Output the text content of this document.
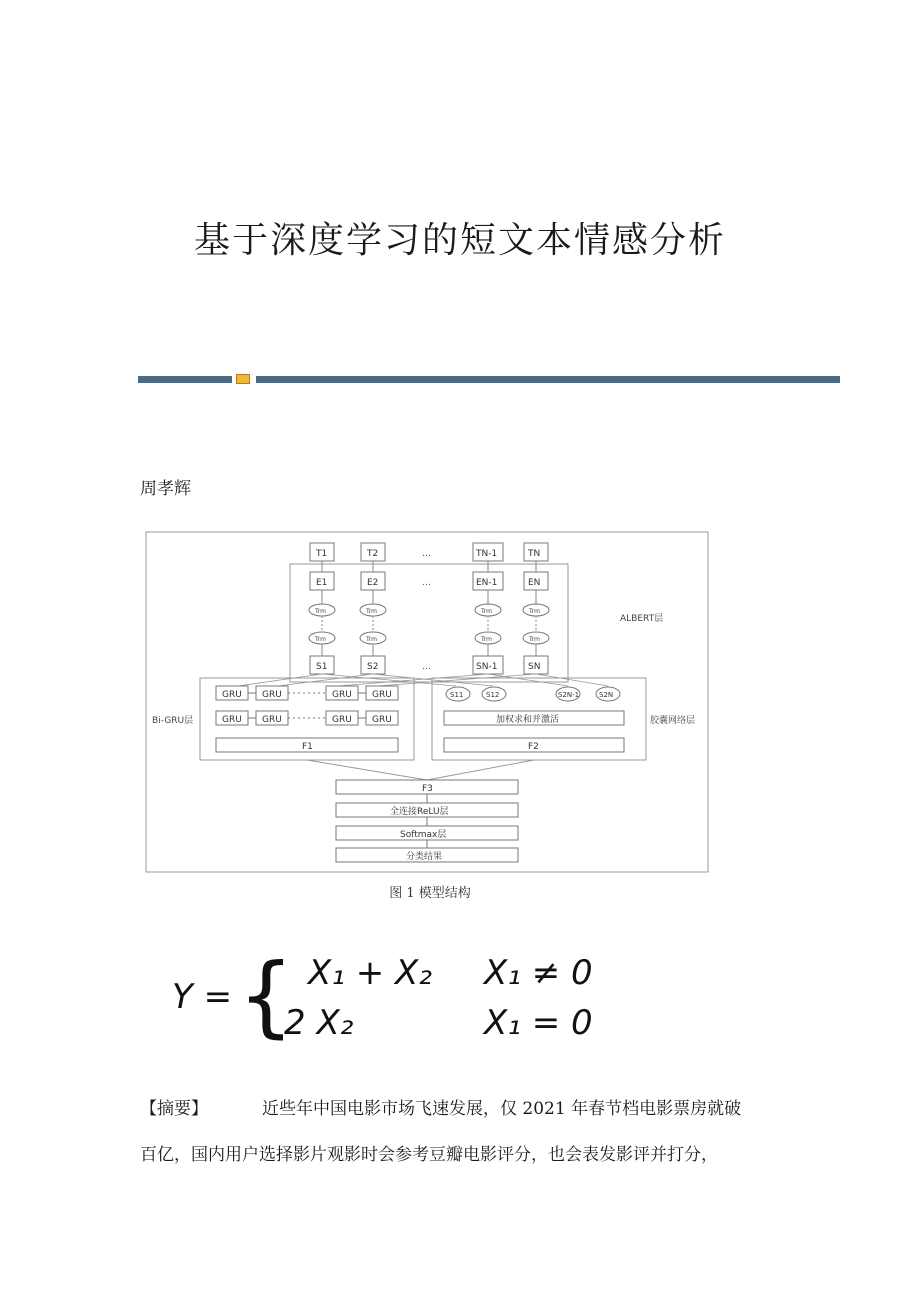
基于深度学习的短文本情感分析
周孝辉
ALBERT层
T1	T2	…	TN-1	TN
E1	E2	…	EN-1	EN
Trm	Trm	Trm	Trm
Trm	Trm	Trm	Trm
S1	S2	…	SN-1	SN
Bi-GRU层
GRU GRU	GRU GRU
GRU GRU	GRU GRU
F1
胶囊网络层
S11	S12	S2N-1	S2N
加权求和并激活
F2
F3
全连接ReLU层
Softmax层
分类结果
图 1 模型结构
Y = { X₁ + X₂ X₁ ≠ 0
2 X₂	X₁ = 0
【摘要】	近些年中国电影市场飞速发展，仅 2021 年春节档电影票房就破
百亿，国内用户选择影片观影时会参考豆瓣电影评分，也会表发影评并打分，
